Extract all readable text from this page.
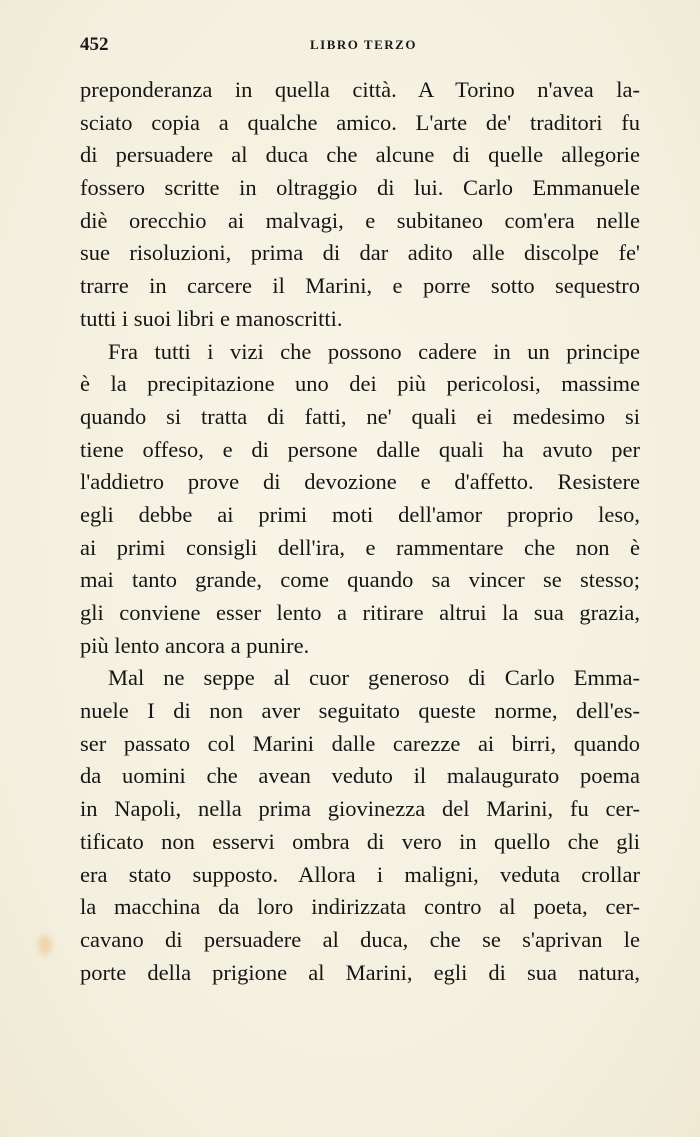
452	LIBRO TERZO
preponderanza in quella città. A Torino n'avea la-
sciato copia a qualche amico. L'arte de' traditori fu
di persuadere al duca che alcune di quelle allegorie
fossero scritte in oltraggio di lui. Carlo Emmanuele
diè orecchio ai malvagi, e subitaneo com'era nelle
sue risoluzioni, prima di dar adito alle discolpe fe'
trarre in carcere il Marini, e porre sotto sequestro
tutti i suoi libri e manoscritti.
Fra tutti i vizi che possono cadere in un principe
è la precipitazione uno dei più pericolosi, massime
quando si tratta di fatti, ne' quali ei medesimo si
tiene offeso, e di persone dalle quali ha avuto per
l'addietro prove di devozione e d'affetto. Resistere
egli debbe ai primi moti dell'amor proprio leso,
ai primi consigli dell'ira, e rammentare che non è
mai tanto grande, come quando sa vincer se stesso;
gli conviene esser lento a ritirare altrui la sua grazia,
più lento ancora a punire.
Mal ne seppe al cuor generoso di Carlo Emma-
nuele I di non aver seguitato queste norme, dell'es-
ser passato col Marini dalle carezze ai birri, quando
da uomini che avean veduto il malaugurato poema
in Napoli, nella prima giovinezza del Marini, fu cer-
tificato non esservi ombra di vero in quello che gli
era stato supposto. Allora i maligni, veduta crollar
la macchina da loro indirizzata contro al poeta, cer-
cavano di persuadere al duca, che se s'aprivan le
porte della prigione al Marini, egli di sua natura,
